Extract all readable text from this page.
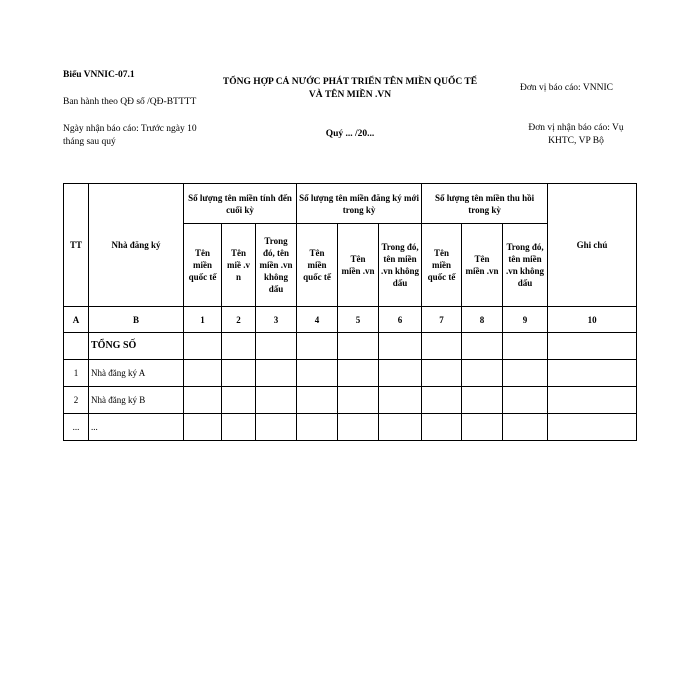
Biểu VNNIC-07.1
Ban hành theo QĐ số /QĐ-BTTTT
Ngày nhận báo cáo: Trước ngày 10
tháng sau quý
TỔNG HỢP CẢ NƯỚC PHÁT TRIỂN TÊN MIỀN QUỐC TẾ
VÀ TÊN MIỀN .VN
Quý ... /20...
Đơn vị báo cáo: VNNIC
Đơn vị nhận báo cáo: Vụ
KHTC, VP Bộ
TT	Nhà đăng ký	Số lượng tên miền tính đến cuối kỳ			Số lượng tên miền đăng ký mới trong kỳ			Số lượng tên miền thu hồi trong kỳ			Ghi chú
		Tên miền quốc tế	Tên miề .v n	Trong đó, tên miền .vn không dấu	Tên miền quốc tế	Tên miền .vn	Trong đó, tên miền .vn không dấu	Tên miền quốc tế	Tên miền .vn	Trong đó, tên miền .vn không dấu	
A	B	1	2	3	4	5	6	7	8	9	10
	TỔNG SỐ										
1	Nhà đăng ký A										
2	Nhà đăng ký B										
...	...										
